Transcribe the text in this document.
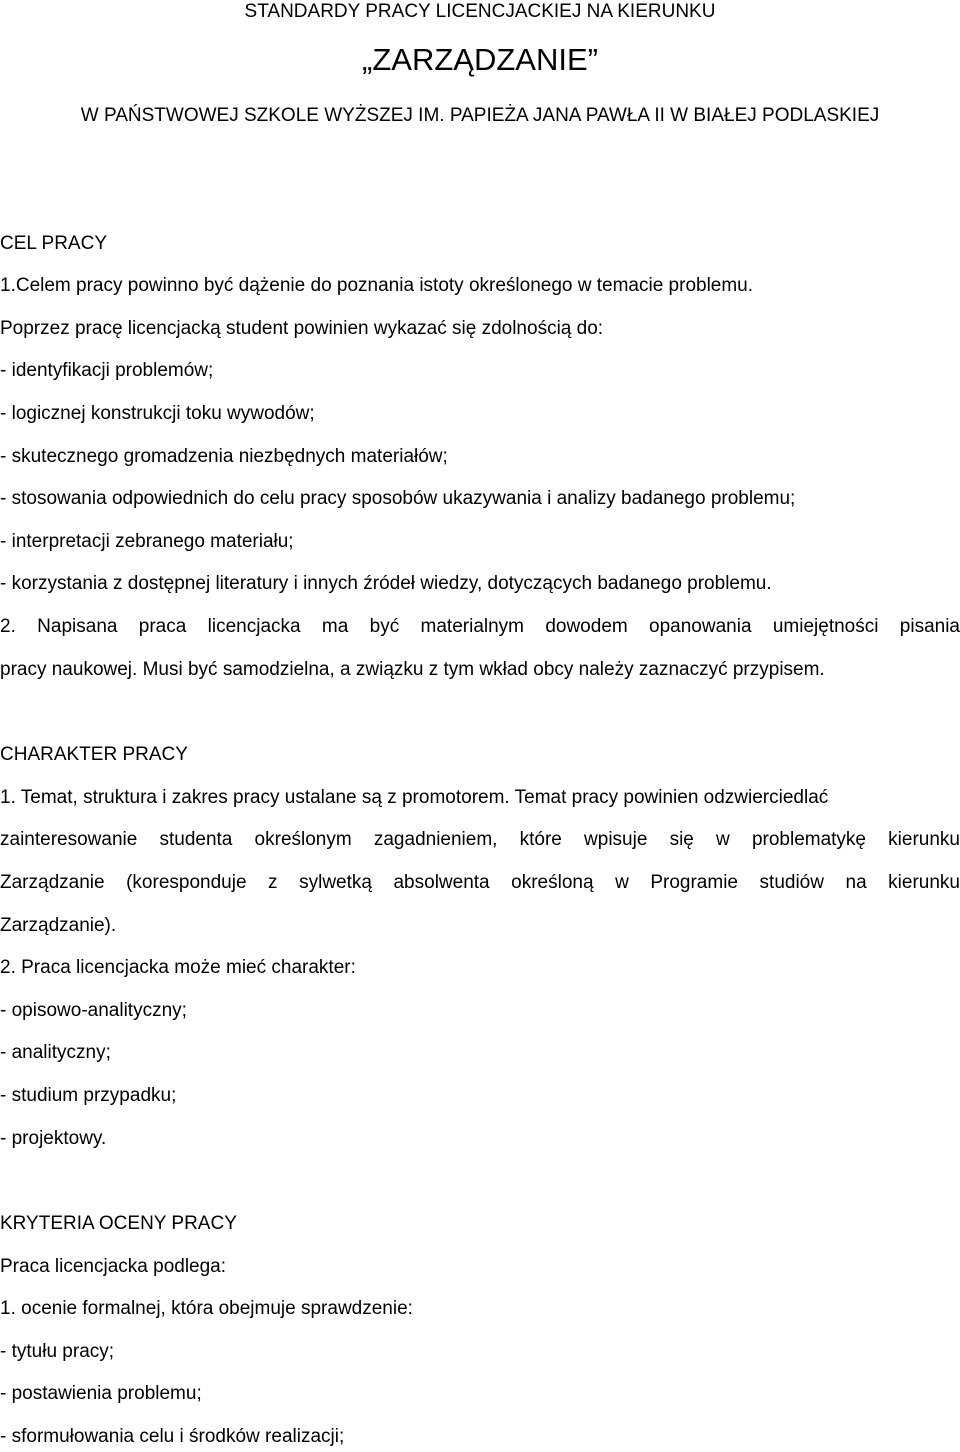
STANDARDY PRACY LICENCJACKIEJ NA KIERUNKU

„ZARZĄDZANIE”

W PAŃSTWOWEJ SZKOLE WYŻSZEJ IM. PAPIEŻA JANA PAWŁA II W BIAŁEJ PODLASKIEJ

CEL PRACY

1.Celem pracy powinno być dążenie do poznania istoty określonego w temacie problemu.

Poprzez pracę licencjacką student powinien wykazać się zdolnością do:

- identyfikacji problemów;

- logicznej konstrukcji toku wywodów;

- skutecznego gromadzenia niezbędnych materiałów;

- stosowania odpowiednich do celu pracy sposobów ukazywania i analizy badanego problemu;

- interpretacji zebranego materiału;

- korzystania z dostępnej literatury i innych źródeł wiedzy, dotyczących badanego problemu.

2. Napisana praca licencjacka ma być materialnym dowodem opanowania umiejętności pisania

pracy naukowej. Musi być samodzielna, a związku z tym wkład obcy należy zaznaczyć przypisem.

CHARAKTER PRACY

1. Temat, struktura i zakres pracy ustalane są z promotorem. Temat pracy powinien odzwierciedlać

zainteresowanie studenta określonym zagadnieniem, które wpisuje się w problematykę kierunku

Zarządzanie (koresponduje z sylwetką absolwenta określoną w Programie studiów na kierunku

Zarządzanie).

2. Praca licencjacka może mieć charakter:

- opisowo-analityczny;

- analityczny;

- studium przypadku;

- projektowy.

KRYTERIA OCENY PRACY

Praca licencjacka podlega:

1. ocenie formalnej, która obejmuje sprawdzenie:

- tytułu pracy;

- postawienia problemu;

- sformułowania celu i środków realizacji;
